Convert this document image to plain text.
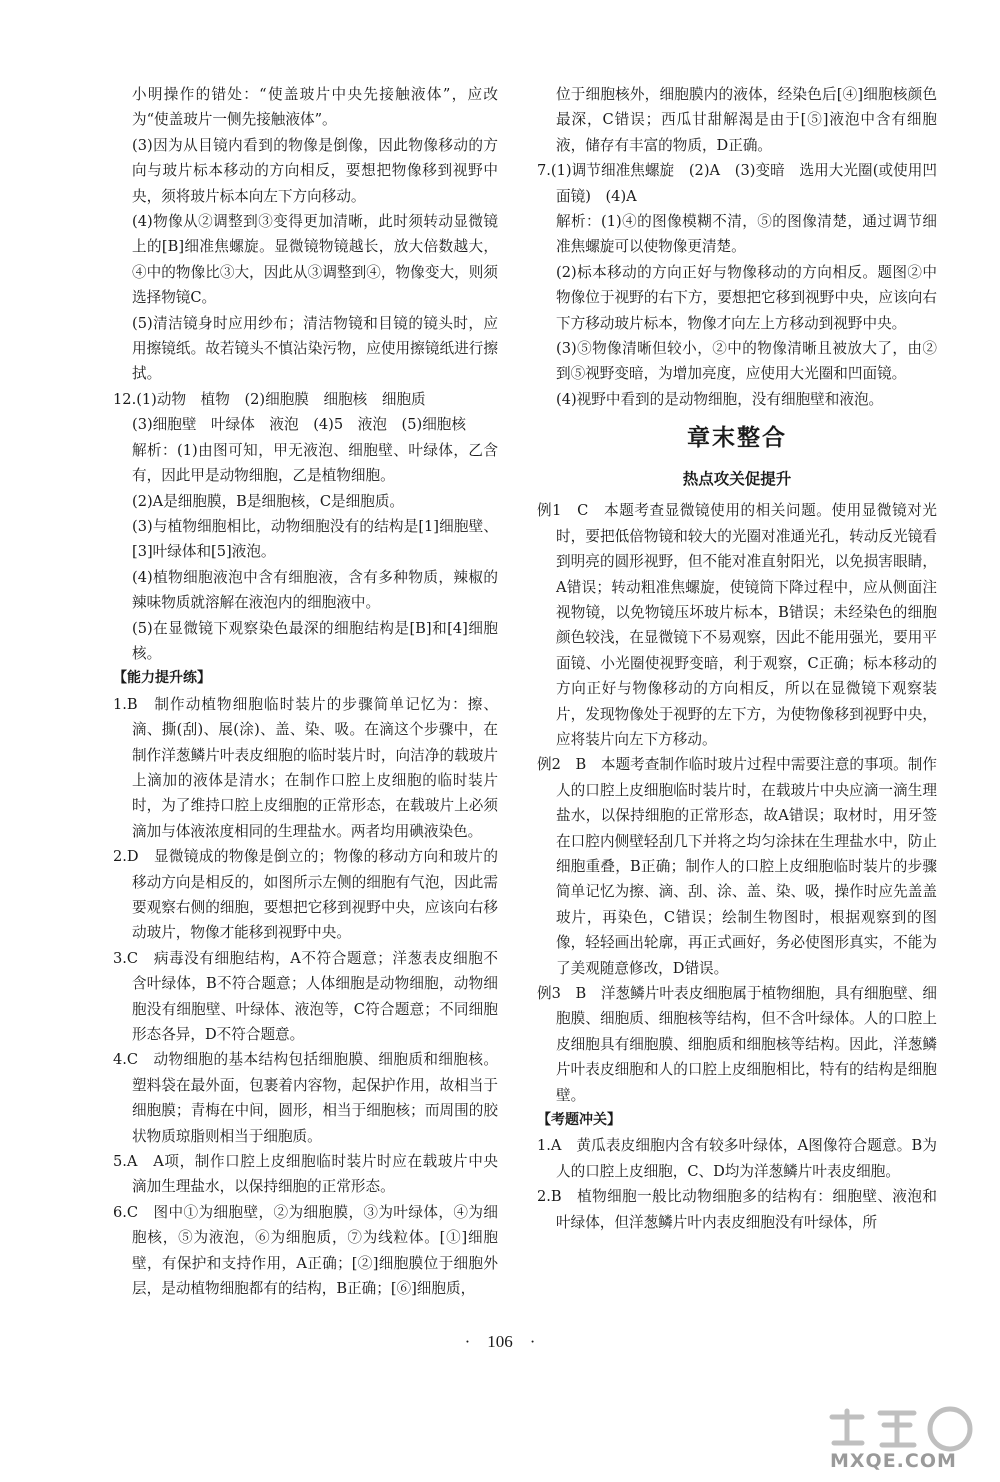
小明操作的错处：“使盖玻片中央先接触液体”，应改为“使盖玻片一侧先接触液体”。

(3)因为从目镜内看到的物像是倒像，因此物像移动的方向与玻片标本移动的方向相反，要想把物像移到视野中央，须将玻片标本向左下方向移动。

(4)物像从②调整到③变得更加清晰，此时须转动显微镜上的[B]细准焦螺旋。显微镜物镜越长，放大倍数越大，④中的物像比③大，因此从③调整到④，物像变大，则须选择物镜C。

(5)清洁镜身时应用纱布；清洁物镜和目镜的镜头时，应用擦镜纸。故若镜头不慎沾染污物，应使用擦镜纸进行擦拭。

12.(1)动物　植物　(2)细胞膜　细胞核　细胞质

(3)细胞壁　叶绿体　液泡　(4)5　液泡　(5)细胞核

解析：(1)由图可知，甲无液泡、细胞壁、叶绿体，乙含有，因此甲是动物细胞，乙是植物细胞。

(2)A是细胞膜，B是细胞核，C是细胞质。

(3)与植物细胞相比，动物细胞没有的结构是[1]细胞壁、[3]叶绿体和[5]液泡。

(4)植物细胞液泡中含有细胞液，含有多种物质，辣椒的辣味物质就溶解在液泡内的细胞液中。

(5)在显微镜下观察染色最深的细胞结构是[B]和[4]细胞核。

【能力提升练】

1.B　制作动植物细胞临时装片的步骤简单记忆为：擦、滴、撕(刮)、展(涂)、盖、染、吸。在滴这个步骤中，在制作洋葱鳞片叶表皮细胞的临时装片时，向洁净的载玻片上滴加的液体是清水；在制作口腔上皮细胞的临时装片时，为了维持口腔上皮细胞的正常形态，在载玻片上必须滴加与体液浓度相同的生理盐水。两者均用碘液染色。

2.D　显微镜成的物像是倒立的；物像的移动方向和玻片的移动方向是相反的，如图所示左侧的细胞有气泡，因此需要观察右侧的细胞，要想把它移到视野中央，应该向右移动玻片，物像才能移到视野中央。

3.C　病毒没有细胞结构，A不符合题意；洋葱表皮细胞不含叶绿体，B不符合题意；人体细胞是动物细胞，动物细胞没有细胞壁、叶绿体、液泡等，C符合题意；不同细胞形态各异，D不符合题意。

4.C　动物细胞的基本结构包括细胞膜、细胞质和细胞核。塑料袋在最外面，包裹着内容物，起保护作用，故相当于细胞膜；青梅在中间，圆形，相当于细胞核；而周围的胶状物质琼脂则相当于细胞质。

5.A　A项，制作口腔上皮细胞临时装片时应在载玻片中央滴加生理盐水，以保持细胞的正常形态。

6.C　图中①为细胞壁，②为细胞膜，③为叶绿体，④为细胞核，⑤为液泡，⑥为细胞质，⑦为线粒体。[①]细胞壁，有保护和支持作用，A正确；[②]细胞膜位于细胞外层，是动植物细胞都有的结构，B正确；[⑥]细胞质，

位于细胞核外，细胞膜内的液体，经染色后[④]细胞核颜色最深，C错误；西瓜甘甜解渴是由于[⑤]液泡中含有细胞液，储存有丰富的物质，D正确。

7.(1)调节细准焦螺旋　(2)A　(3)变暗　选用大光圈(或使用凹面镜)　(4)A

解析：(1)④的图像模糊不清，⑤的图像清楚，通过调节细准焦螺旋可以使物像更清楚。

(2)标本移动的方向正好与物像移动的方向相反。题图②中物像位于视野的右下方，要想把它移到视野中央，应该向右下方移动玻片标本，物像才向左上方移动到视野中央。

(3)⑤物像清晰但较小，②中的物像清晰且被放大了，由②到⑤视野变暗，为增加亮度，应使用大光圈和凹面镜。

(4)视野中看到的是动物细胞，没有细胞壁和液泡。

章末整合
热点攻关促提升

例1　C　本题考查显微镜使用的相关问题。使用显微镜对光时，要把低倍物镜和较大的光圈对准通光孔，转动反光镜看到明亮的圆形视野，但不能对准直射阳光，以免损害眼睛，A错误；转动粗准焦螺旋，使镜筒下降过程中，应从侧面注视物镜，以免物镜压坏玻片标本，B错误；未经染色的细胞颜色较浅，在显微镜下不易观察，因此不能用强光，要用平面镜、小光圈使视野变暗，利于观察，C正确；标本移动的方向正好与物像移动的方向相反，所以在显微镜下观察装片，发现物像处于视野的左下方，为使物像移到视野中央，应将装片向左下方移动。

例2　B　本题考查制作临时玻片过程中需要注意的事项。制作人的口腔上皮细胞临时装片时，在载玻片中央应滴一滴生理盐水，以保持细胞的正常形态，故A错误；取材时，用牙签在口腔内侧壁轻刮几下并将之均匀涂抹在生理盐水中，防止细胞重叠，B正确；制作人的口腔上皮细胞临时装片的步骤简单记忆为擦、滴、刮、涂、盖、染、吸，操作时应先盖盖玻片，再染色，C错误；绘制生物图时，根据观察到的图像，轻轻画出轮廓，再正式画好，务必使图形真实，不能为了美观随意修改，D错误。

例3　B　洋葱鳞片叶表皮细胞属于植物细胞，具有细胞壁、细胞膜、细胞质、细胞核等结构，但不含叶绿体。人的口腔上皮细胞具有细胞膜、细胞质和细胞核等结构。因此，洋葱鳞片叶表皮细胞和人的口腔上皮细胞相比，特有的结构是细胞壁。

【考题冲关】

1.A　黄瓜表皮细胞内含有较多叶绿体，A图像符合题意。B为人的口腔上皮细胞，C、D均为洋葱鳞片叶表皮细胞。

2.B　植物细胞一般比动物细胞多的结构有：细胞壁、液泡和叶绿体，但洋葱鳞片叶内表皮细胞没有叶绿体，所

·　106　·
MXQE.COM
